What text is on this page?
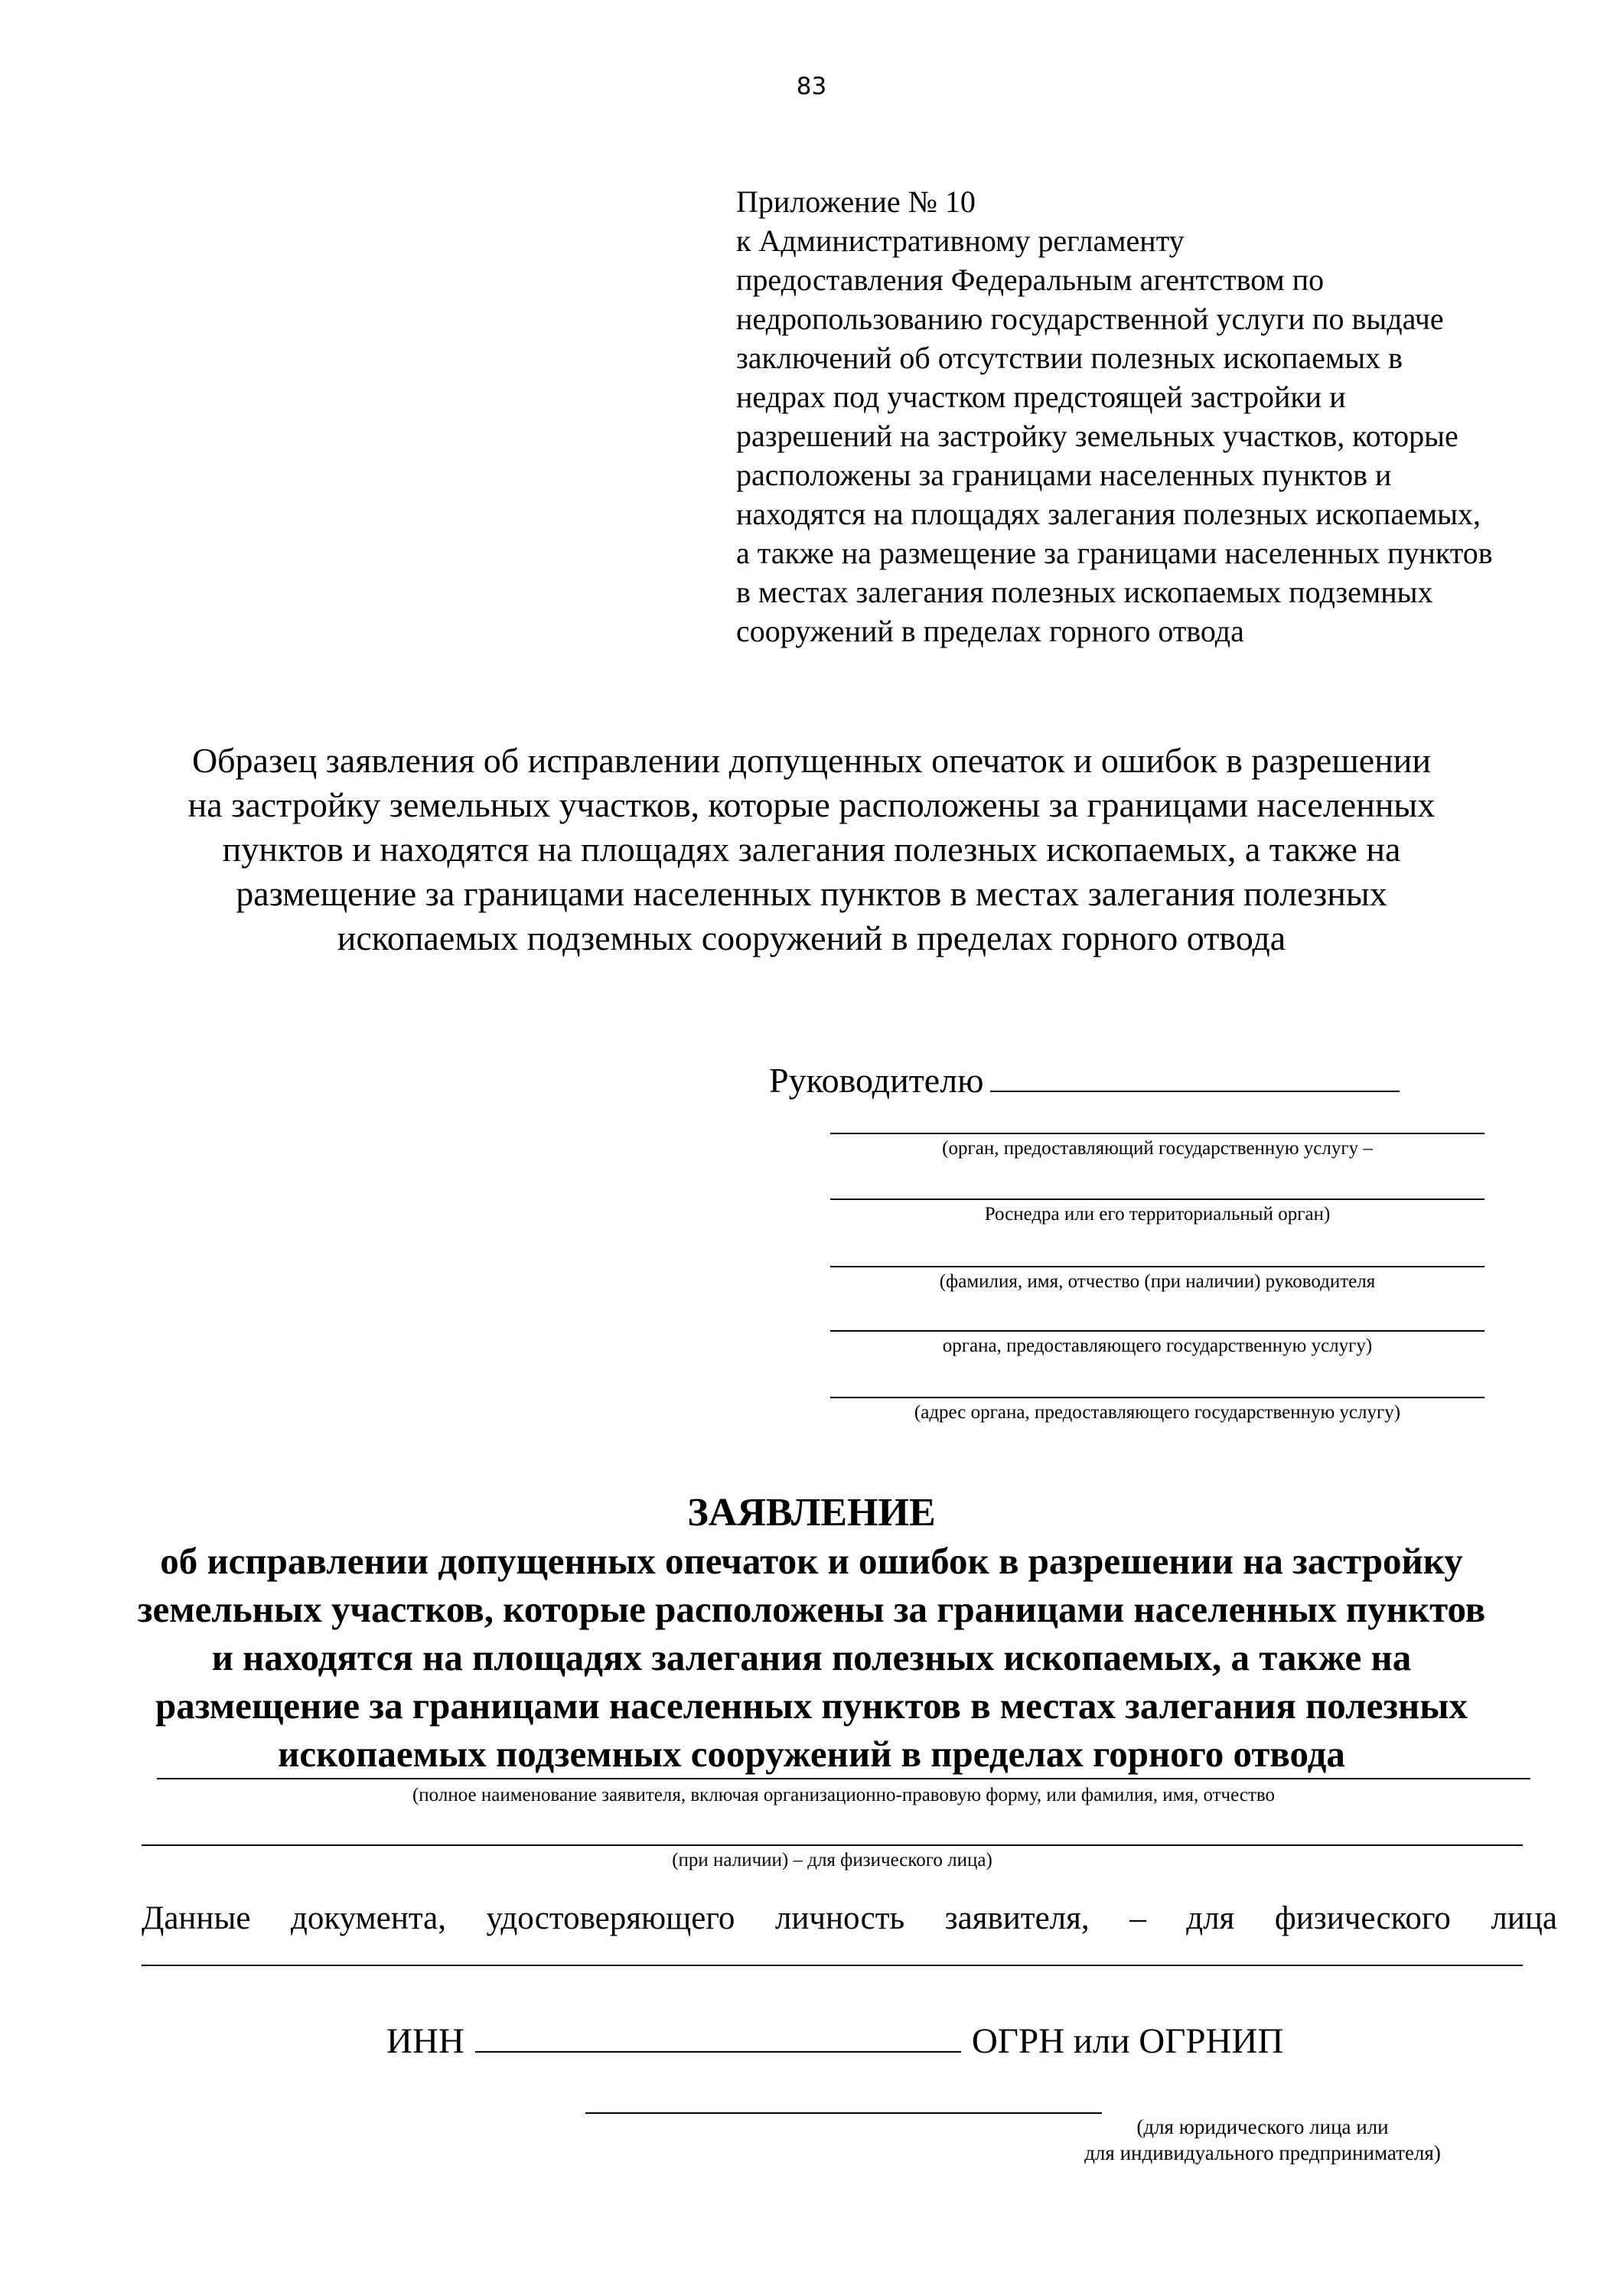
83
Приложение № 10
к Административному регламенту
предоставления Федеральным агентством по
недропользованию государственной услуги по выдаче
заключений об отсутствии полезных ископаемых в
недрах под участком предстоящей застройки и
разрешений на застройку земельных участков, которые
расположены за границами населенных пунктов и
находятся на площадях залегания полезных ископаемых,
а также на размещение за границами населенных пунктов
в местах залегания полезных ископаемых подземных
сооружений в пределах горного отвода
Образец заявления об исправлении допущенных опечаток и ошибок в разрешении
на застройку земельных участков, которые расположены за границами населенных
пунктов и находятся на площадях залегания полезных ископаемых, а также на
размещение за границами населенных пунктов в местах залегания полезных
ископаемых подземных сооружений в пределах горного отвода
Руководителю
(орган, предоставляющий государственную услугу –
Роснедра или его территориальный орган)
(фамилия, имя, отчество (при наличии) руководителя
органа, предоставляющего государственную услугу)
(адрес органа, предоставляющего государственную услугу)
ЗАЯВЛЕНИЕ
об исправлении допущенных опечаток и ошибок в разрешении на застройку
земельных участков, которые расположены за границами населенных пунктов
и находятся на площадях залегания полезных ископаемых, а также на
размещение за границами населенных пунктов в местах залегания полезных
ископаемых подземных сооружений в пределах горного отвода
(полное наименование заявителя, включая организационно-правовую форму, или фамилия, имя, отчество
(при наличии) – для физического лица)
Данные документа, удостоверяющего личность заявителя, – для физического лица
ИНН	ОГРН или ОГРНИП
(для юридического лица или
для индивидуального предпринимателя)
